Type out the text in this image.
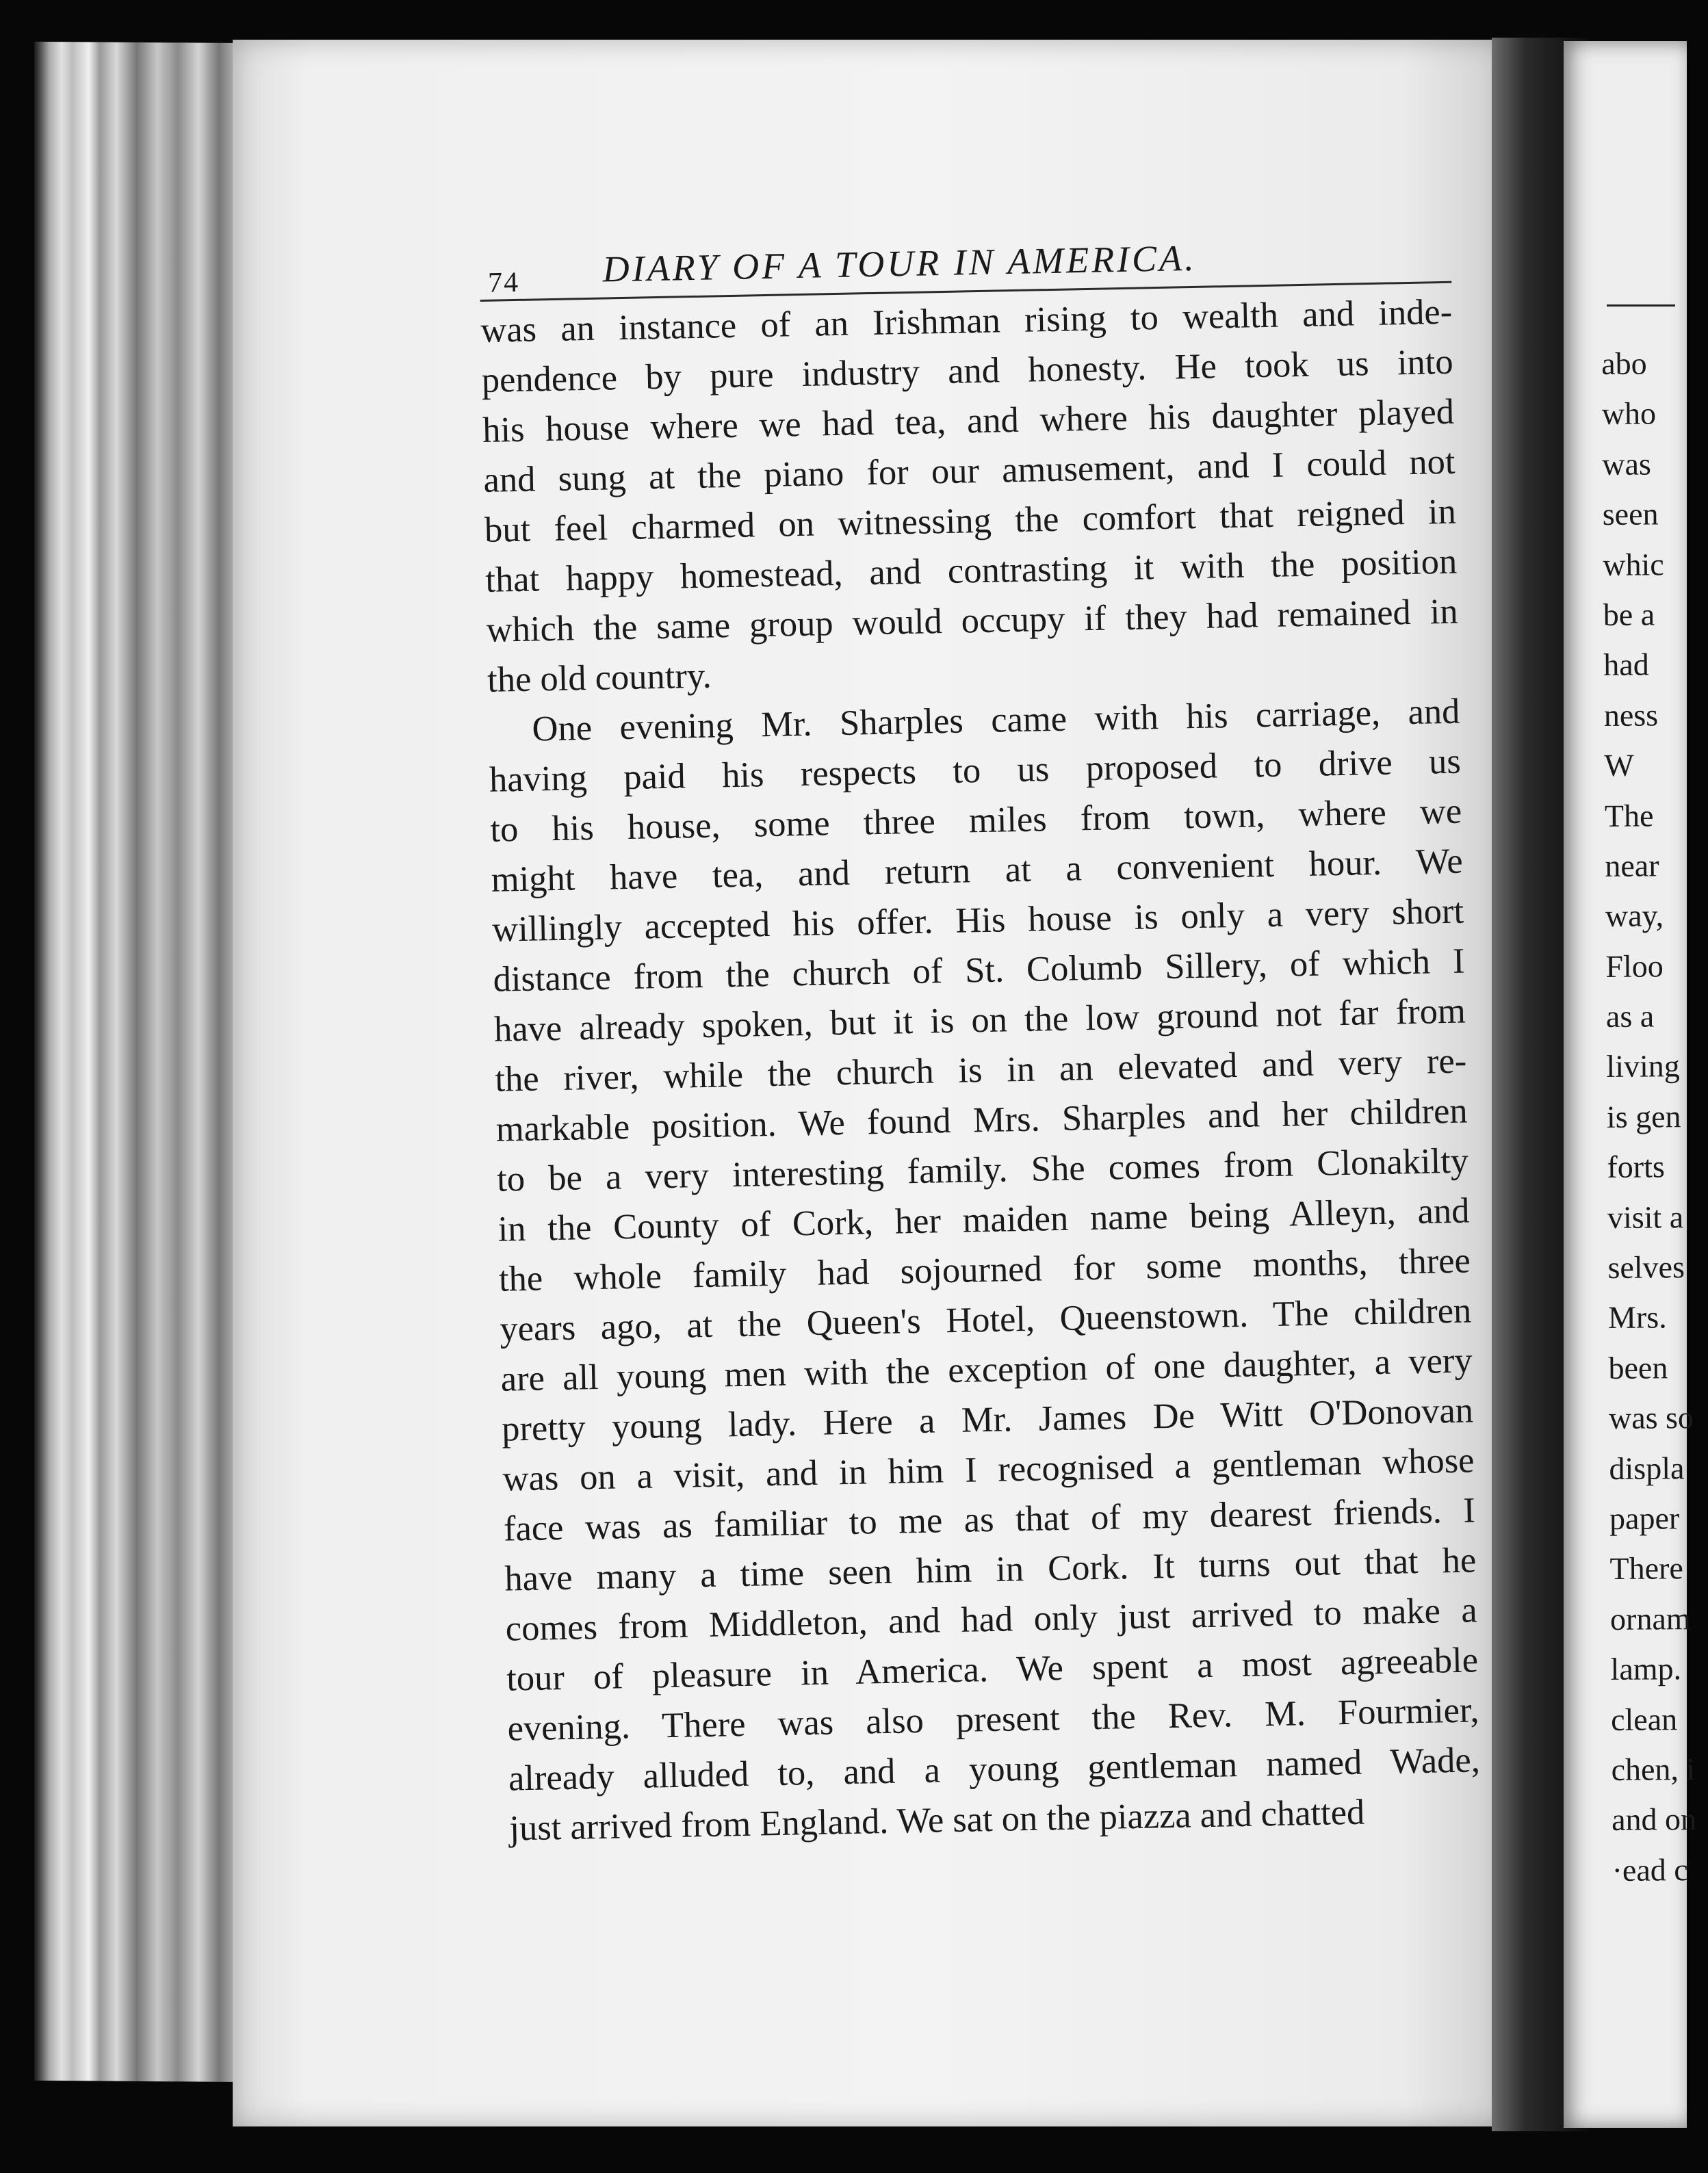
74 DIARY OF A TOUR IN AMERICA.
was an instance of an Irishman rising to wealth and inde-
pendence by pure industry and honesty. He took us into
his house where we had tea, and where his daughter played
and sung at the piano for our amusement, and I could not
but feel charmed on witnessing the comfort that reigned in
that happy homestead, and contrasting it with the position
which the same group would occupy if they had remained in
the old country.
One evening Mr. Sharples came with his carriage, and
having paid his respects to us proposed to drive us
to his house, some three miles from town, where we
might have tea, and return at a convenient hour. We
willingly accepted his offer. His house is only a very short
distance from the church of St. Columb Sillery, of which I
have already spoken, but it is on the low ground not far from
the river, while the church is in an elevated and very re-
markable position. We found Mrs. Sharples and her children
to be a very interesting family. She comes from Clonakilty
in the County of Cork, her maiden name being Alleyn, and
the whole family had sojourned for some months, three
years ago, at the Queen's Hotel, Queenstown. The children
are all young men with the exception of one daughter, a very
pretty young lady. Here a Mr. James De Witt O'Donovan
was on a visit, and in him I recognised a gentleman whose
face was as familiar to me as that of my dearest friends. I
have many a time seen him in Cork. It turns out that he
comes from Middleton, and had only just arrived to make a
tour of pleasure in America. We spent a most agreeable
evening. There was also present the Rev. M. Fourmier,
already alluded to, and a young gentleman named Wade,
just arrived from England. We sat on the piazza and chatted
abo
who
was
seen
whic
be a
had
ness
W
The
near
way,
Floo
as a
living
is gen
forts
visit a
selves
Mrs.
been
was so
displa
paper
There
ornam
lamp.
clean
chen, i
and on
·ead c
